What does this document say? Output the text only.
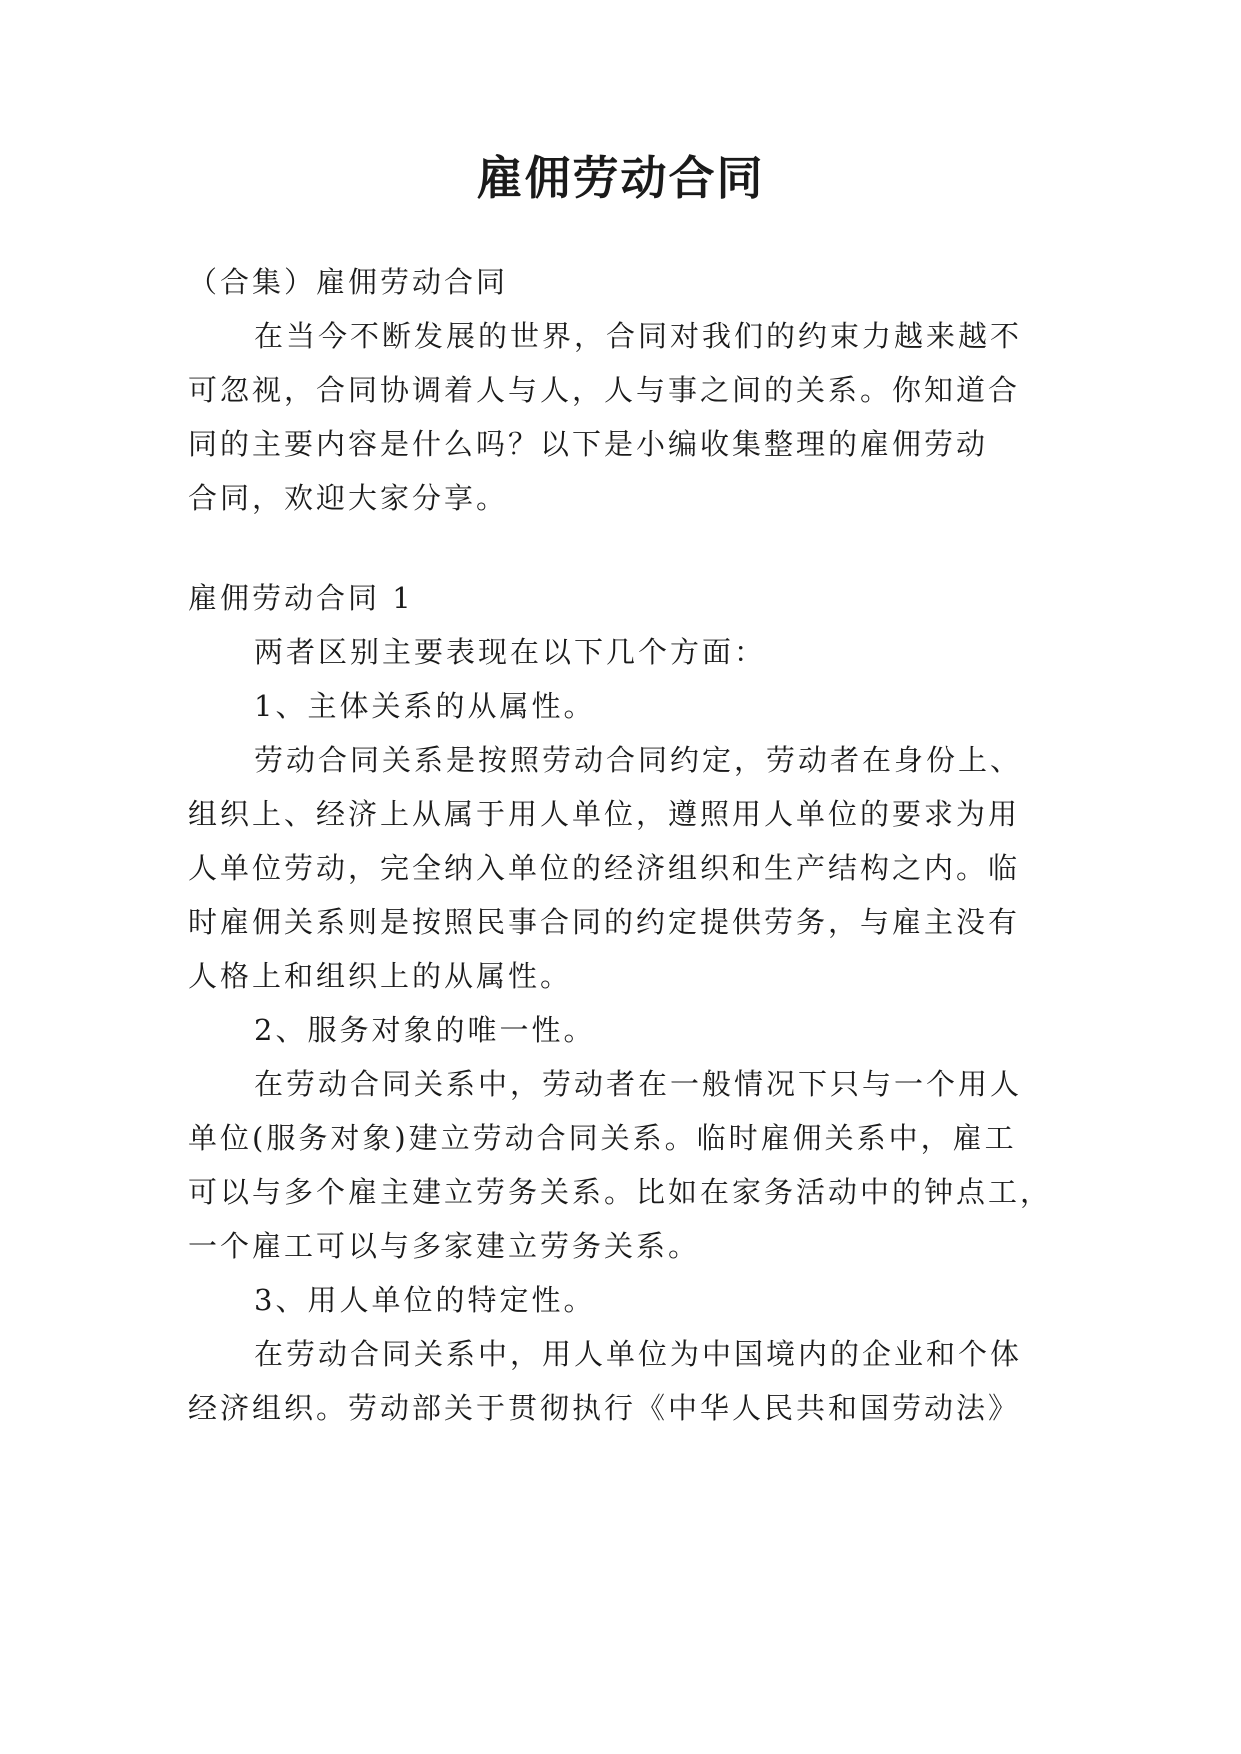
雇佣劳动合同

（合集）雇佣劳动合同

在当今不断发展的世界，合同对我们的约束力越来越不

可忽视，合同协调着人与人，人与事之间的关系。你知道合

同的主要内容是什么吗？以下是小编收集整理的雇佣劳动

合同，欢迎大家分享。

雇佣劳动合同 1

两者区别主要表现在以下几个方面：

1、主体关系的从属性。

劳动合同关系是按照劳动合同约定，劳动者在身份上、

组织上、经济上从属于用人单位，遵照用人单位的要求为用

人单位劳动，完全纳入单位的经济组织和生产结构之内。临

时雇佣关系则是按照民事合同的约定提供劳务，与雇主没有

人格上和组织上的从属性。

2、服务对象的唯一性。

在劳动合同关系中，劳动者在一般情况下只与一个用人

单位(服务对象)建立劳动合同关系。临时雇佣关系中，雇工

可以与多个雇主建立劳务关系。比如在家务活动中的钟点工，

一个雇工可以与多家建立劳务关系。

3、用人单位的特定性。

在劳动合同关系中，用人单位为中国境内的企业和个体

经济组织。劳动部关于贯彻执行《中华人民共和国劳动法》
